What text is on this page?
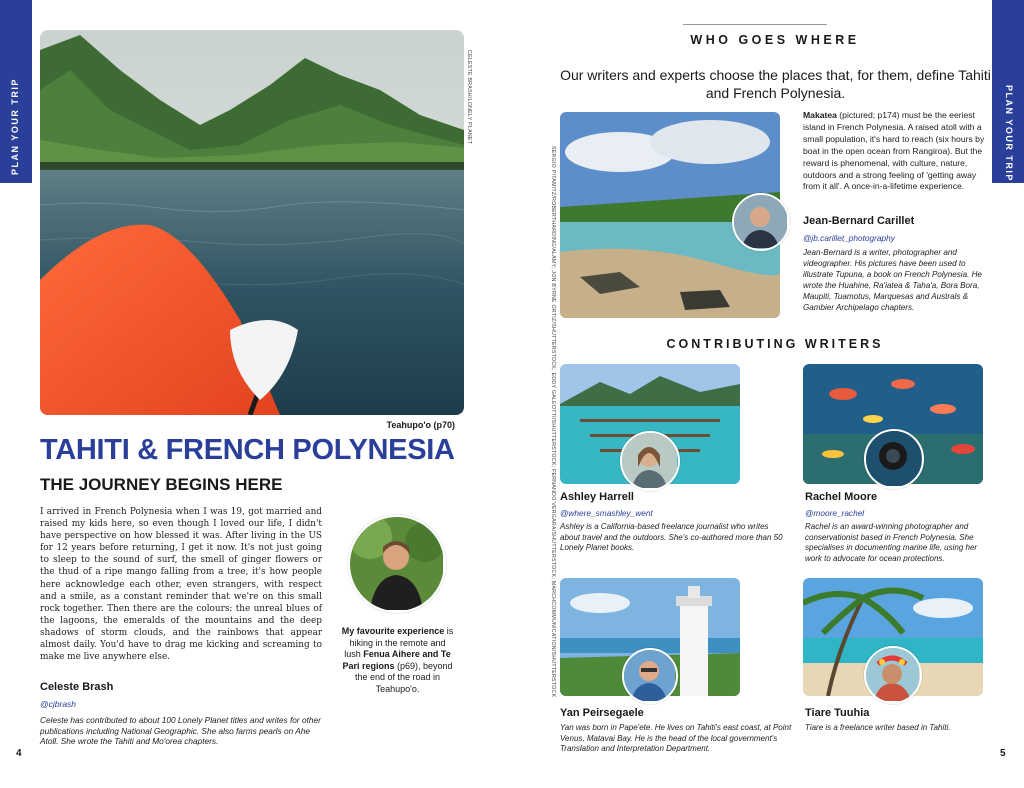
PLAN YOUR TRIP	PLAN YOUR TRIP
CELESTE BRASH/LONELY PLANET
Teahupo'o (p70)
TAHITI & FRENCH POLYNESIA
THE JOURNEY BEGINS HERE
I arrived in French Polynesia when I was 19, got married and raised my kids here, so even though I loved our life, I didn't have perspective on how blessed it was. After living in the US for 12 years before returning, I get it now. It's not just going to sleep to the sound of surf, the smell of ginger flowers or the thud of a ripe mango falling from a tree, it's how people here acknowledge each other, even strangers, with respect and a smile, as a constant reminder that we're on this small rock together. Then there are the colours: the unreal blues of the lagoons, the emeralds of the mountains and the deep shadows of storm clouds, and the rainbows that appear almost daily. You'd have to drag me kicking and screaming to make me live anywhere else.
Celeste Brash
@cjbrash
Celeste has contributed to about 100 Lonely Planet titles and writes for other publications including National Geographic. She also farms pearls on Ahe Atoll. She wrote the Tahiti and Mo'orea chapters.
My favourite experience is hiking in the remote and lush Fenua Aihere and Te Pari regions (p69), beyond the end of the road in Teahupo'o.
4
WHO GOES WHERE
Our writers and experts choose the places that, for them, define Tahiti and French Polynesia.
SERGIO PITAMITZ/ROBERTHARDING/ALAMY; JON BYRNE ORTIZ/SHUTTERSTOCK; EDDY GALEOTTI/SHUTTERSTOCK; FERNANDO VERGARA/SHUTTERSTOCK; MARCHCOMMUNICATION/SHUTTERSTOCK
Makatea (pictured; p174) must be the eeriest island in French Polynesia. A raised atoll with a small population, it's hard to reach (six hours by boat in the open ocean from Rangiroa). But the reward is phenomenal, with culture, nature, outdoors and a strong feeling of 'getting away from it all'. A once-in-a-lifetime experience.
Jean-Bernard Carillet
@jb.carillet_photography
Jean-Bernard is a writer, photographer and videographer. His pictures have been used to illustrate Tupuna, a book on French Polynesia. He wrote the Huahine, Ra'iatea & Taha'a, Bora Bora, Maupiti, Tuamotus, Marquesas and Australs & Gambier Archipelago chapters.
CONTRIBUTING WRITERS
Ashley Harrell
@where_smashley_went
Ashley is a California-based freelance journalist who writes about travel and the outdoors. She's co-authored more than 50 Lonely Planet books.
Rachel Moore
@moore_rachel
Rachel is an award-winning photographer and conservationist based in French Polynesia. She specialises in documenting marine life, using her work to advocate for ocean protections.
Yan Peirsegaele
Yan was born in Pape'ete. He lives on Tahiti's east coast, at Point Venus, Matavai Bay. He is the head of the local government's Translation and Interpretation Department.
Tiare Tuuhia
Tiare is a freelance writer based in Tahiti.
5
